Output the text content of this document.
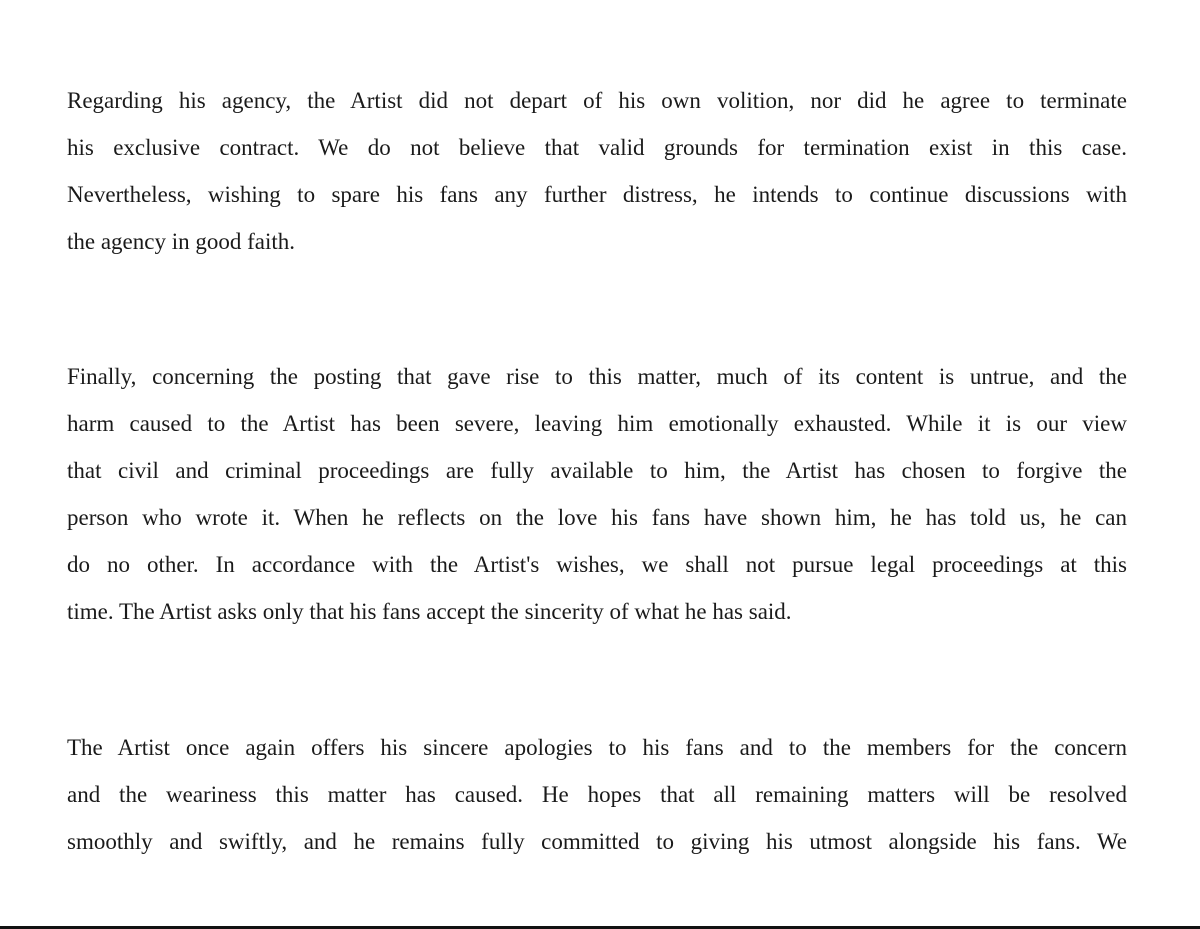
Regarding his agency, the Artist did not depart of his own volition, nor did he agree to terminate
his exclusive contract. We do not believe that valid grounds for termination exist in this case.
Nevertheless, wishing to spare his fans any further distress, he intends to continue discussions with
the agency in good faith.

Finally, concerning the posting that gave rise to this matter, much of its content is untrue, and the
harm caused to the Artist has been severe, leaving him emotionally exhausted. While it is our view
that civil and criminal proceedings are fully available to him, the Artist has chosen to forgive the
person who wrote it. When he reflects on the love his fans have shown him, he has told us, he can
do no other. In accordance with the Artist's wishes, we shall not pursue legal proceedings at this
time. The Artist asks only that his fans accept the sincerity of what he has said.

The Artist once again offers his sincere apologies to his fans and to the members for the concern
and the weariness this matter has caused. He hopes that all remaining matters will be resolved
smoothly and swiftly, and he remains fully committed to giving his utmost alongside his fans. We
